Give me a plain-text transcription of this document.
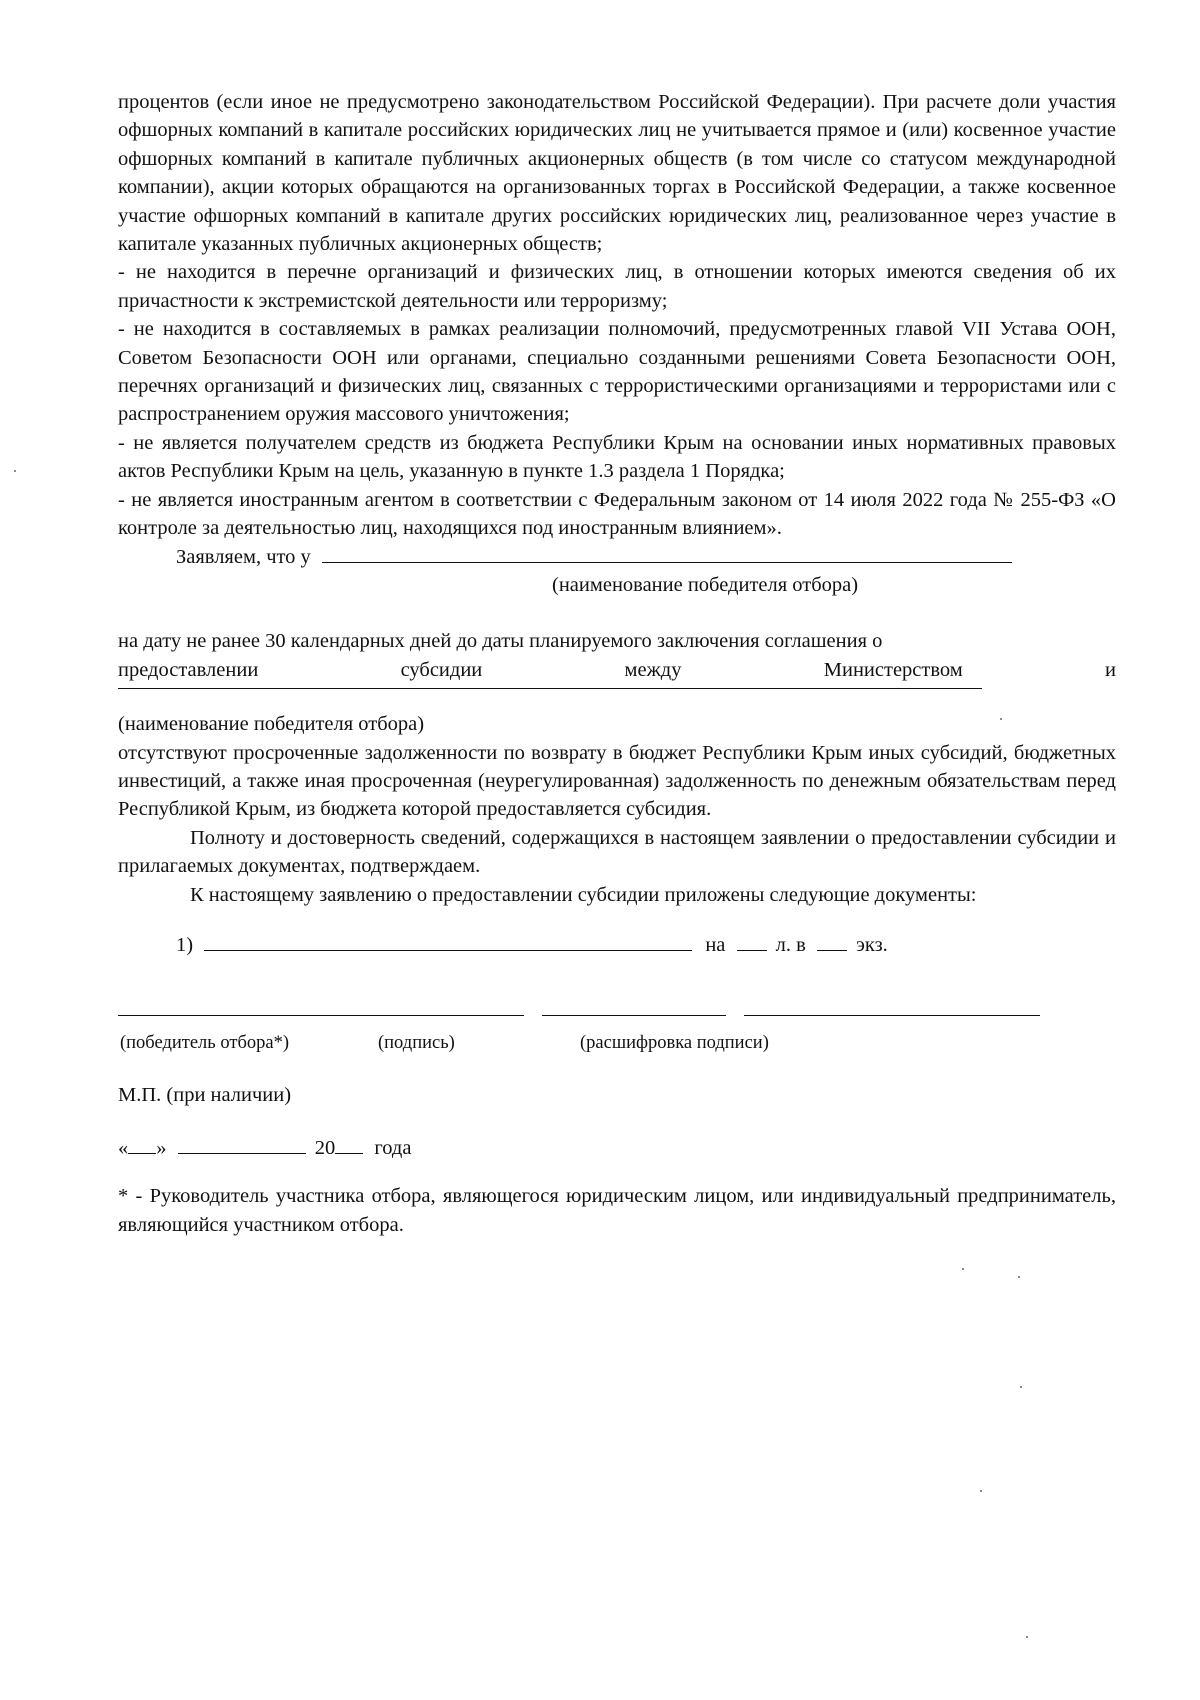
процентов (если иное не предусмотрено законодательством Российской Федерации). При расчете доли участия офшорных компаний в капитале российских юридических лиц не учитывается прямое и (или) косвенное участие офшорных компаний в капитале публичных акционерных обществ (в том числе со статусом международной компании), акции которых обращаются на организованных торгах в Российской Федерации, а также косвенное участие офшорных компаний в капитале других российских юридических лиц, реализованное через участие в капитале указанных публичных акционерных обществ;
- не находится в перечне организаций и физических лиц, в отношении которых имеются сведения об их причастности к экстремистской деятельности или терроризму;
- не находится в составляемых в рамках реализации полномочий, предусмотренных главой VII Устава ООН, Советом Безопасности ООН или органами, специально созданными решениями Совета Безопасности ООН, перечнях организаций и физических лиц, связанных с террористическими организациями и террористами или с распространением оружия массового уничтожения;
- не является получателем средств из бюджета Республики Крым на основании иных нормативных правовых актов Республики Крым на цель, указанную в пункте 1.3 раздела 1 Порядка;
- не является иностранным агентом в соответствии с Федеральным законом от 14 июля 2022 года № 255-ФЗ «О контроле за деятельностью лиц, находящихся под иностранным влиянием».
Заявляем, что у
(наименование победителя отбора)
на дату не ранее 30 календарных дней до даты планируемого заключения соглашения о
предоставлении	субсидии	между	Министерством	и
(наименование победителя отбора)
отсутствуют просроченные задолженности по возврату в бюджет Республики Крым иных субсидий, бюджетных инвестиций, а также иная просроченная (неурегулированная) задолженность по денежным обязательствам перед Республикой Крым, из бюджета которой предоставляется субсидия.
Полноту и достоверность сведений, содержащихся в настоящем заявлении о предоставлении субсидии и прилагаемых документах, подтверждаем.
К настоящему заявлению о предоставлении субсидии приложены следующие документы:
1)	на л. в экз.
(победитель отбора*)	(подпись)	(расшифровка подписи)
М.П. (при наличии)
« »	20 года
* - Руководитель участника отбора, являющегося юридическим лицом, или индивидуальный предприниматель, являющийся участником отбора.
